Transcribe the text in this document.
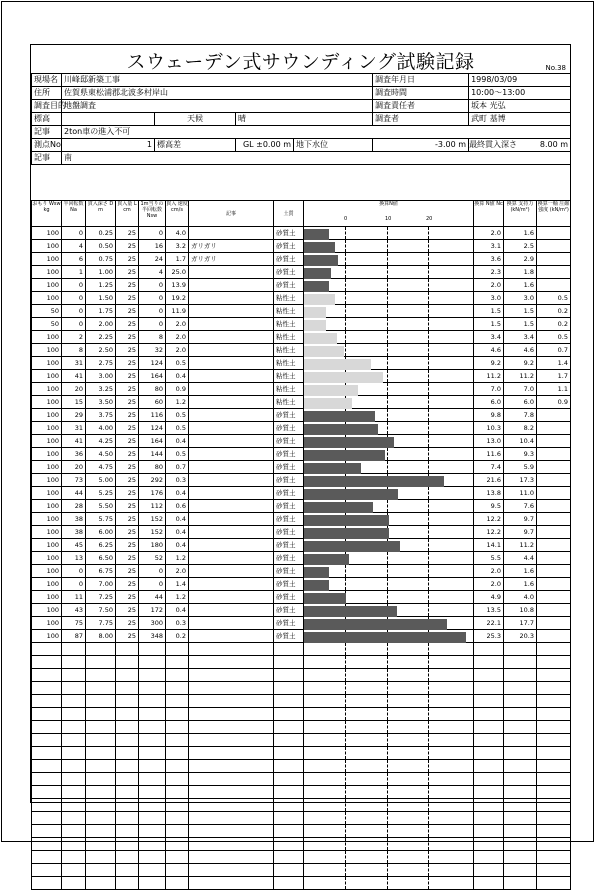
スウェーデン式サウンディング試験記録	No.38
現場名	川峰邸新築工事				調査年月日	1998/03/09
住所	佐賀県東松浦郡北波多村岸山				調査時間	10:00～13:00
調査目的	地盤調査				調査責任者	坂本 光弘
標高		天候	晴		調査者	武町 基博
記事	2ton車の進入不可					
測点No	1	標高差	GL ±0.00 m	地下水位	-3.00 m	最終貫入深さ 8.00 m

記事	南					
おもり Wsw kg	半回転数 Na	貫入深さ D m	貫入量 L cm	1m当りの 半回転数 Nsw	貫入 速度 cm/s	記事	土質	
換算N値
0	10	20
	換算 N値 Nc	換算 支持力 (kN/m²)	換算一軸 圧縮強度 (kN/m²)
100	0	0.25	25	0	4.0		砂質土		2.0	1.6	
100	4	0.50	25	16	3.2	ガリガリ	砂質土		3.1	2.5	
100	6	0.75	25	24	1.7	ガリガリ	砂質土		3.6	2.9	
100	1	1.00	25	4	25.0		砂質土		2.3	1.8	
100	0	1.25	25	0	13.9		砂質土		2.0	1.6	
100	0	1.50	25	0	19.2		粘性土		3.0	3.0	0.5
50	0	1.75	25	0	11.9		粘性土		1.5	1.5	0.2
50	0	2.00	25	0	2.0		粘性土		1.5	1.5	0.2
100	2	2.25	25	8	2.0		粘性土		3.4	3.4	0.5
100	8	2.50	25	32	2.0		粘性土		4.6	4.6	0.7
100	31	2.75	25	124	0.5		粘性土		9.2	9.2	1.4
100	41	3.00	25	164	0.4		粘性土		11.2	11.2	1.7
100	20	3.25	25	80	0.9		粘性土		7.0	7.0	1.1
100	15	3.50	25	60	1.2		粘性土		6.0	6.0	0.9
100	29	3.75	25	116	0.5		砂質土		9.8	7.8	
100	31	4.00	25	124	0.5		砂質土		10.3	8.2	
100	41	4.25	25	164	0.4		砂質土		13.0	10.4	
100	36	4.50	25	144	0.5		砂質土		11.6	9.3	
100	20	4.75	25	80	0.7		砂質土		7.4	5.9	
100	73	5.00	25	292	0.3		砂質土		21.6	17.3	
100	44	5.25	25	176	0.4		砂質土		13.8	11.0	
100	28	5.50	25	112	0.6		砂質土		9.5	7.6	
100	38	5.75	25	152	0.4		砂質土		12.2	9.7	
100	38	6.00	25	152	0.4		砂質土		12.2	9.7	
100	45	6.25	25	180	0.4		砂質土		14.1	11.2	
100	13	6.50	25	52	1.2		砂質土		5.5	4.4	
100	0	6.75	25	0	2.0		砂質土		2.0	1.6	
100	0	7.00	25	0	1.4		砂質土		2.0	1.6	
100	11	7.25	25	44	1.2		砂質土		4.9	4.0	
100	43	7.50	25	172	0.4		砂質土		13.5	10.8	
100	75	7.75	25	300	0.3		砂質土		22.1	17.7	
100	87	8.00	25	348	0.2		砂質土		25.3	20.3	
